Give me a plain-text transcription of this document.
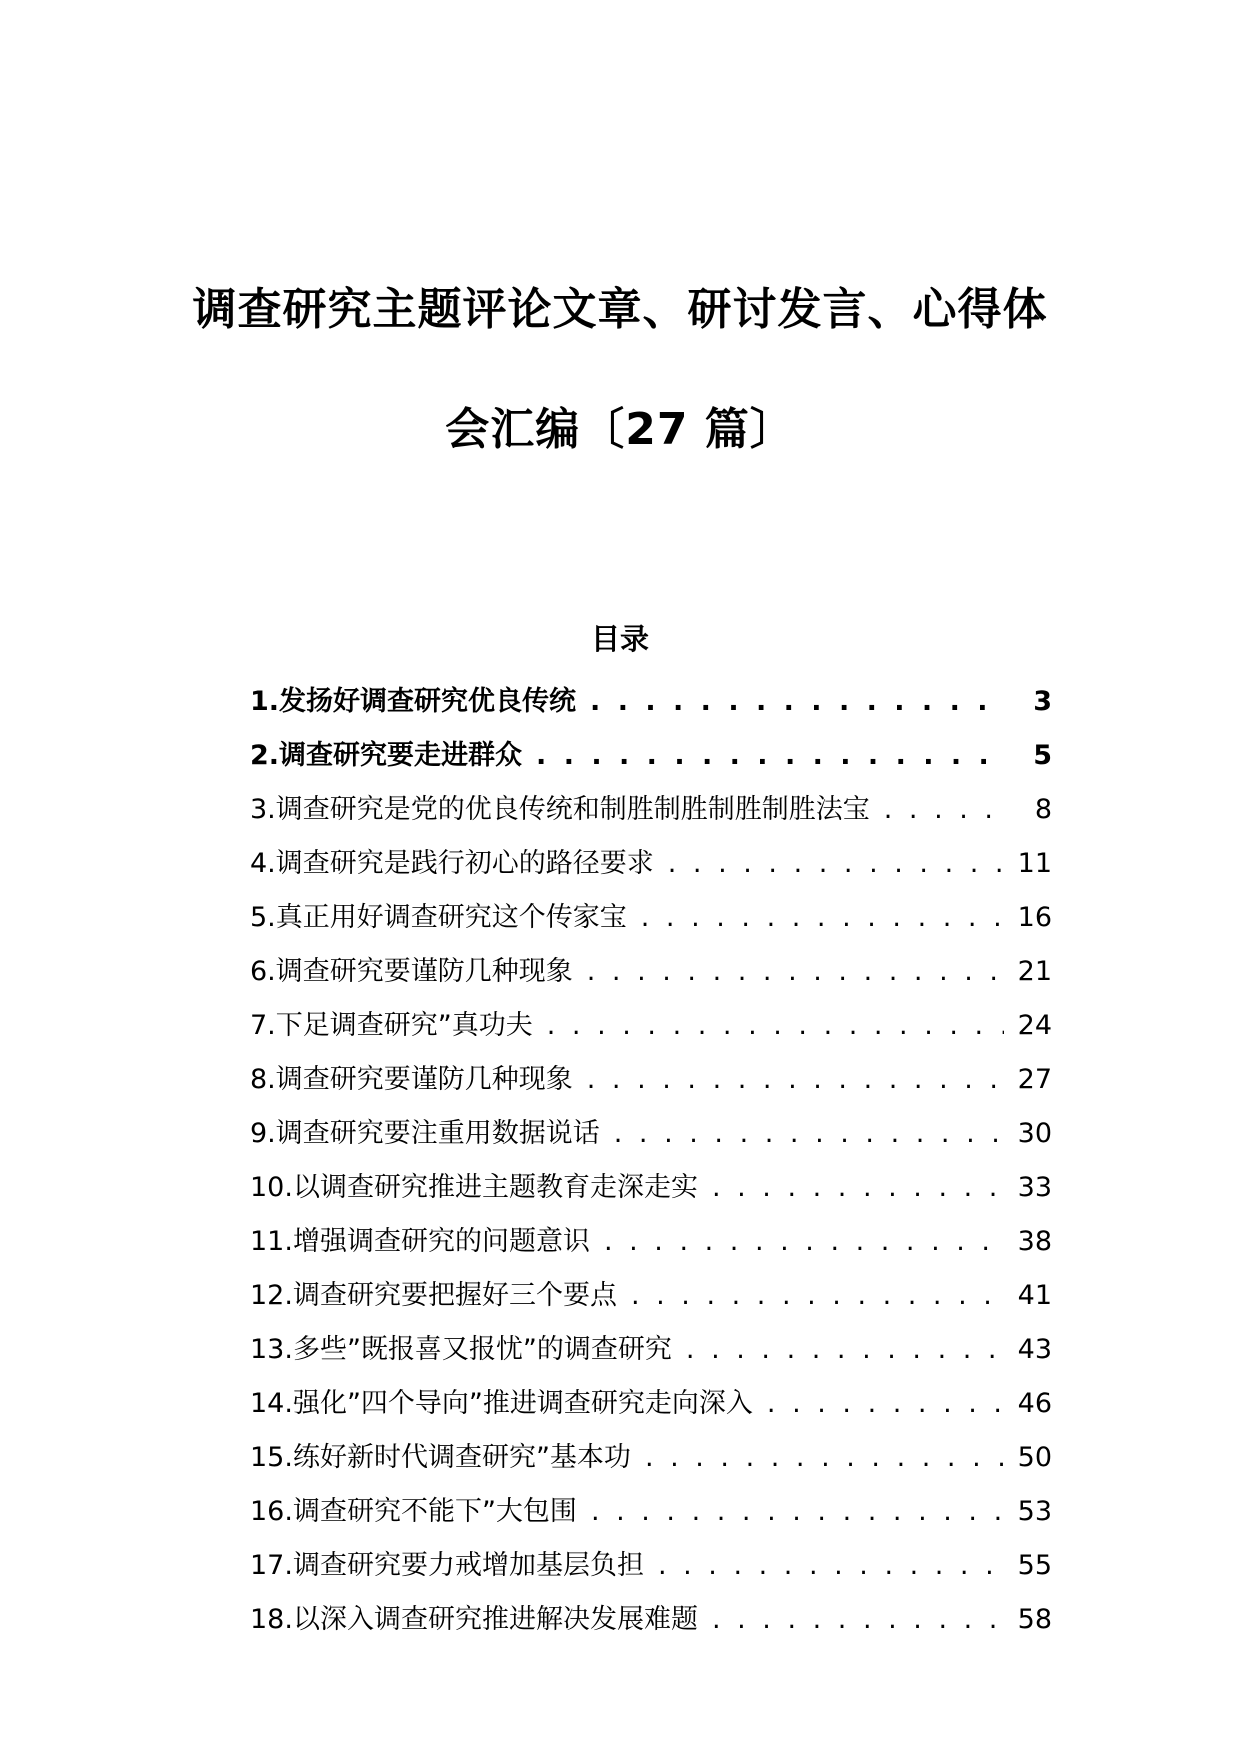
调查研究主题评论文章、研讨发言、心得体
会汇编〔27 篇〕
目录
1.发扬好调查研究优良传统 . . .	3
2.调查研究要走进群众 . . .	5
3.调查研究是党的优良传统和制胜制胜制胜制胜法宝 . . .	8
4.调查研究是践行初心的路径要求 . . .	11
5.真正用好调查研究这个传家宝 . . .	16
6.调查研究要谨防几种现象 . . .	21
7.下足调查研究”真功夫 . . .	24
8.调查研究要谨防几种现象 . . .	27
9.调查研究要注重用数据说话 . . .	30
10.以调查研究推进主题教育走深走实 . . .	33
11.增强调查研究的问题意识 . . .	38
12.调查研究要把握好三个要点 . . .	41
13.多些”既报喜又报忧”的调查研究 . . .	43
14.强化”四个导向”推进调查研究走向深入 . . .	46
15.练好新时代调查研究”基本功 . . .	50
16.调查研究不能下”大包围 . . .	53
17.调查研究要力戒增加基层负担 . . .	55
18.以深入调查研究推进解决发展难题 . . .	58
